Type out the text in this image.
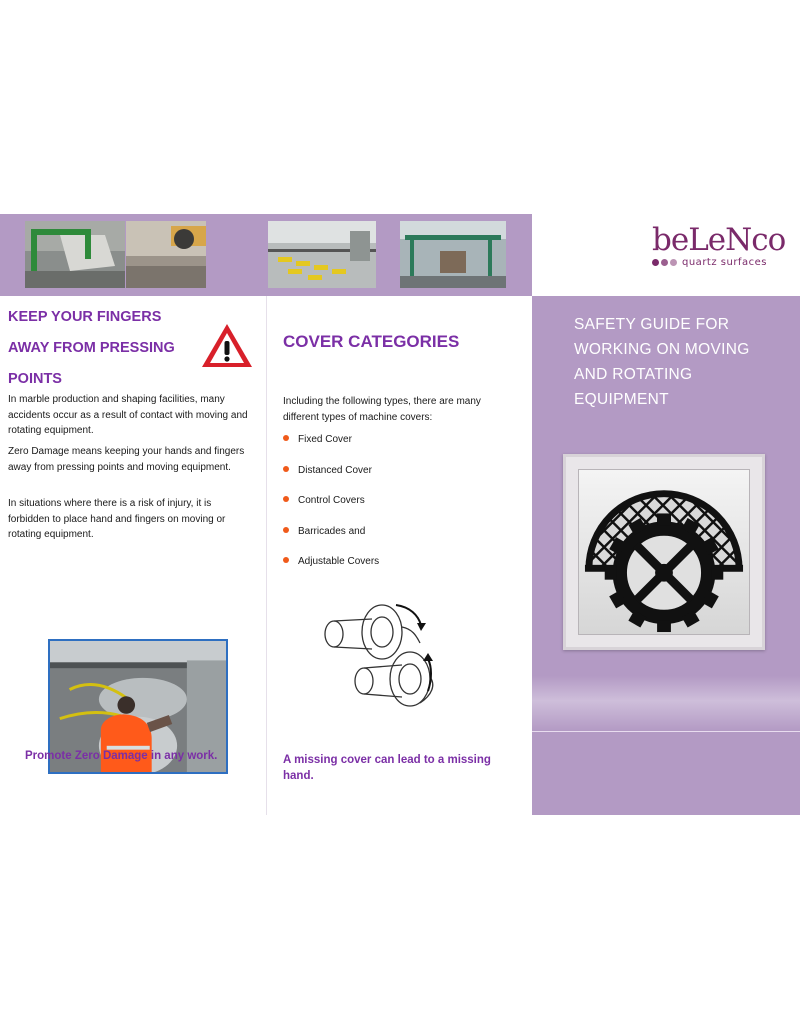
beLeNco
quartz surfaces
KEEP YOUR FINGERS
AWAY FROM PRESSING
POINTS

In marble production and shaping facilities, many accidents occur as a result of contact with moving and rotating equipment.

Zero Damage means keeping your hands and fingers away from pressing points and moving equipment.

In situations where there is a risk of injury, it is forbidden to place hand and fingers on moving or rotating equipment.

Promote Zero Damage in any work.
COVER CATEGORIES

Including the following types, there are many different types of machine covers:

Fixed Cover
Distanced Cover
Control Covers
Barricades and
Adjustable Covers
A missing cover can lead to a missing hand.
SAFETY GUIDE FOR WORKING ON MOVING AND ROTATING EQUIPMENT
